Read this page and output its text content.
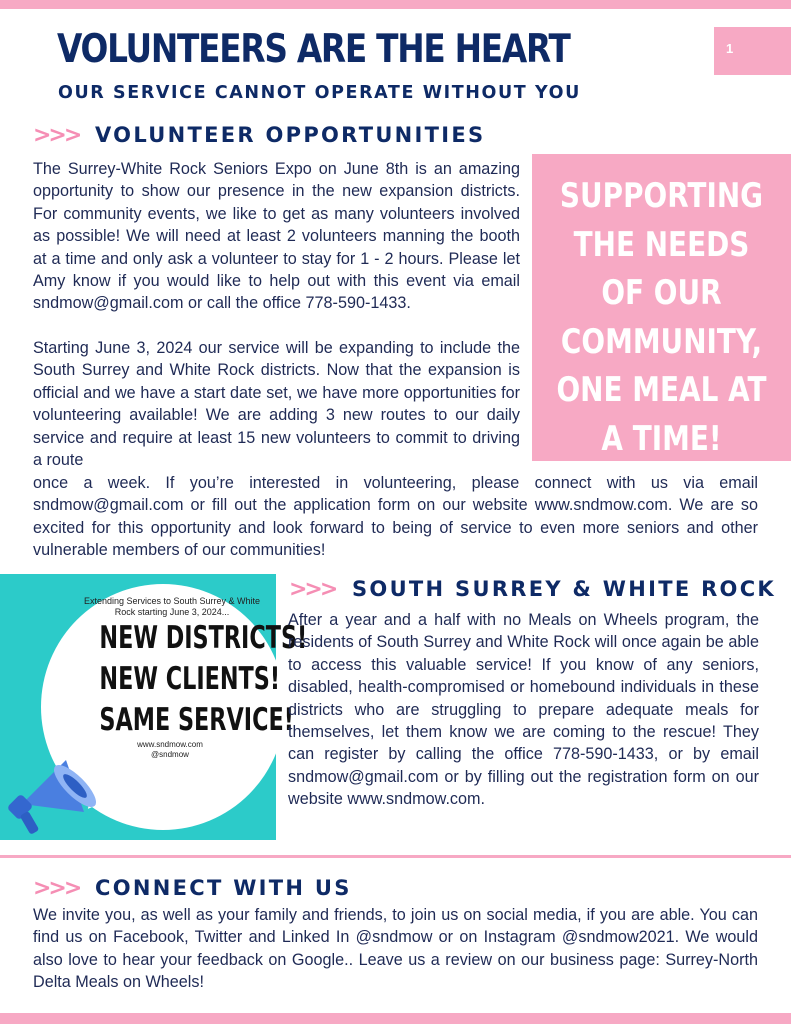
VOLUNTEERS ARE THE HEART
OUR SERVICE CANNOT OPERATE WITHOUT YOU
1
>>> VOLUNTEER OPPORTUNITIES

The Surrey-White Rock Seniors Expo on June 8th is an amazing opportunity to show our presence in the new expansion districts. For community events, we like to get as many volunteers involved as possible! We will need at least 2 volunteers manning the booth at a time and only ask a volunteer to stay for 1 - 2 hours. Please let Amy know if you would like to help out with this event via email sndmow@gmail.com or call the office 778-590-1433.

Starting June 3, 2024 our service will be expanding to include the South Surrey and White Rock districts. Now that the expansion is official and we have a start date set, we have more opportunities for volunteering available! We are adding 3 new routes to our daily service and require at least 15 new volunteers to commit to driving a route

once a week. If you’re interested in volunteering, please connect with us via email sndmow@gmail.com or fill out the application form on our website www.sndmow.com. We are so excited for this opportunity and look forward to being of service to even more seniors and other vulnerable members of our communities!

SUPPORTING THE NEEDS OF OUR COMMUNITY, ONE MEAL AT A TIME!

Extending Services to South Surrey & White Rock starting June 3, 2024...

NEW DISTRICTS!
NEW CLIENTS!
SAME SERVICE!

www.sndmow.com

@sndmow

>>> SOUTH SURREY & WHITE ROCK

After a year and a half with no Meals on Wheels program, the residents of South Surrey and White Rock will once again be able to access this valuable service! If you know of any seniors, disabled, health-compromised or homebound individuals in these districts who are struggling to prepare adequate meals for themselves, let them know we are coming to the rescue! They can register by calling the office 778-590-1433, or by email sndmow@gmail.com or by filling out the registration form on our website www.sndmow.com.

>>> CONNECT WITH US

We invite you, as well as your family and friends, to join us on social media, if you are able. You can find us on Facebook, Twitter and Linked In @sndmow or on Instagram @sndmow2021. We would also love to hear your feedback on Google.. Leave us a review on our business page: Surrey-North Delta Meals on Wheels!
